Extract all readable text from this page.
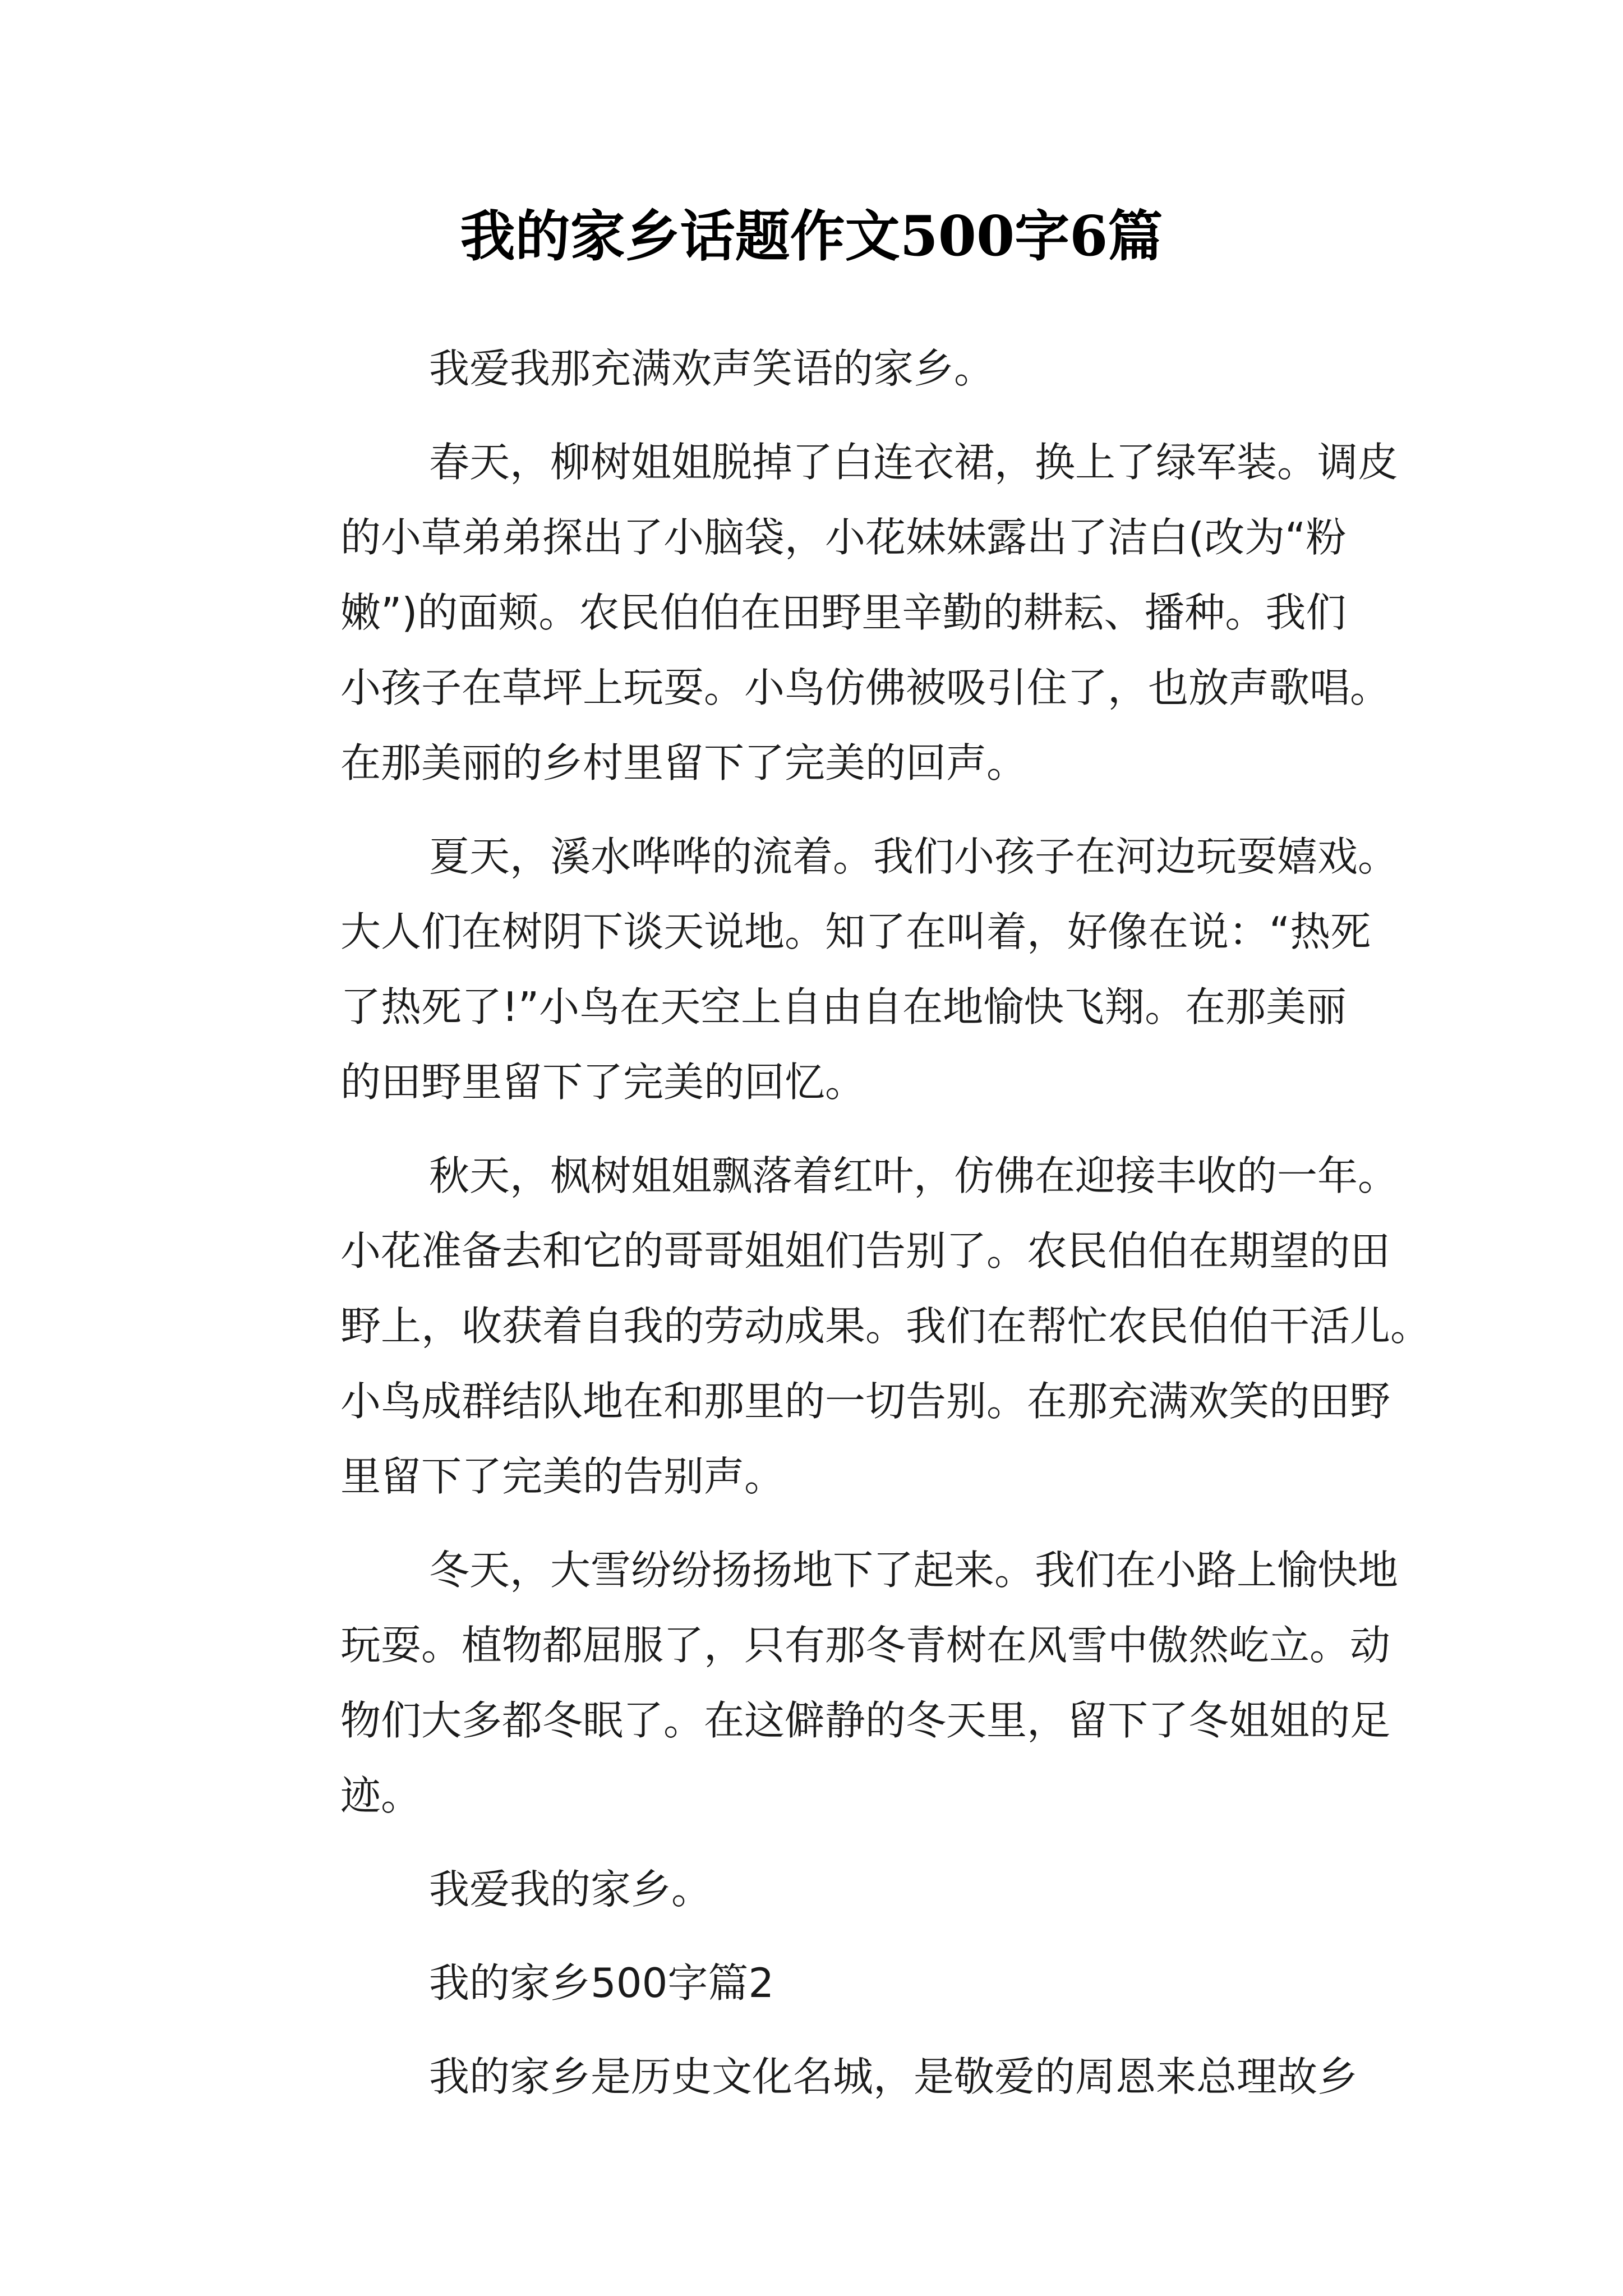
我的家乡话题作文500字6篇

我爱我那充满欢声笑语的家乡。

春天，柳树姐姐脱掉了白连衣裙，换上了绿军装。调皮
的小草弟弟探出了小脑袋，小花妹妹露出了洁白(改为“粉
嫩”)的面颊。农民伯伯在田野里辛勤的耕耘、播种。我们
小孩子在草坪上玩耍。小鸟仿佛被吸引住了，也放声歌唱。
在那美丽的乡村里留下了完美的回声。

夏天，溪水哗哗的流着。我们小孩子在河边玩耍嬉戏。
大人们在树阴下谈天说地。知了在叫着，好像在说：“热死
了热死了!”小鸟在天空上自由自在地愉快飞翔。在那美丽
的田野里留下了完美的回忆。

秋天，枫树姐姐飘落着红叶，仿佛在迎接丰收的一年。
小花准备去和它的哥哥姐姐们告别了。农民伯伯在期望的田
野上，收获着自我的劳动成果。我们在帮忙农民伯伯干活儿。
小鸟成群结队地在和那里的一切告别。在那充满欢笑的田野
里留下了完美的告别声。

冬天，大雪纷纷扬扬地下了起来。我们在小路上愉快地
玩耍。植物都屈服了，只有那冬青树在风雪中傲然屹立。动
物们大多都冬眠了。在这僻静的冬天里，留下了冬姐姐的足
迹。

我爱我的家乡。

我的家乡500字篇2

我的家乡是历史文化名城，是敬爱的周恩来总理故乡
